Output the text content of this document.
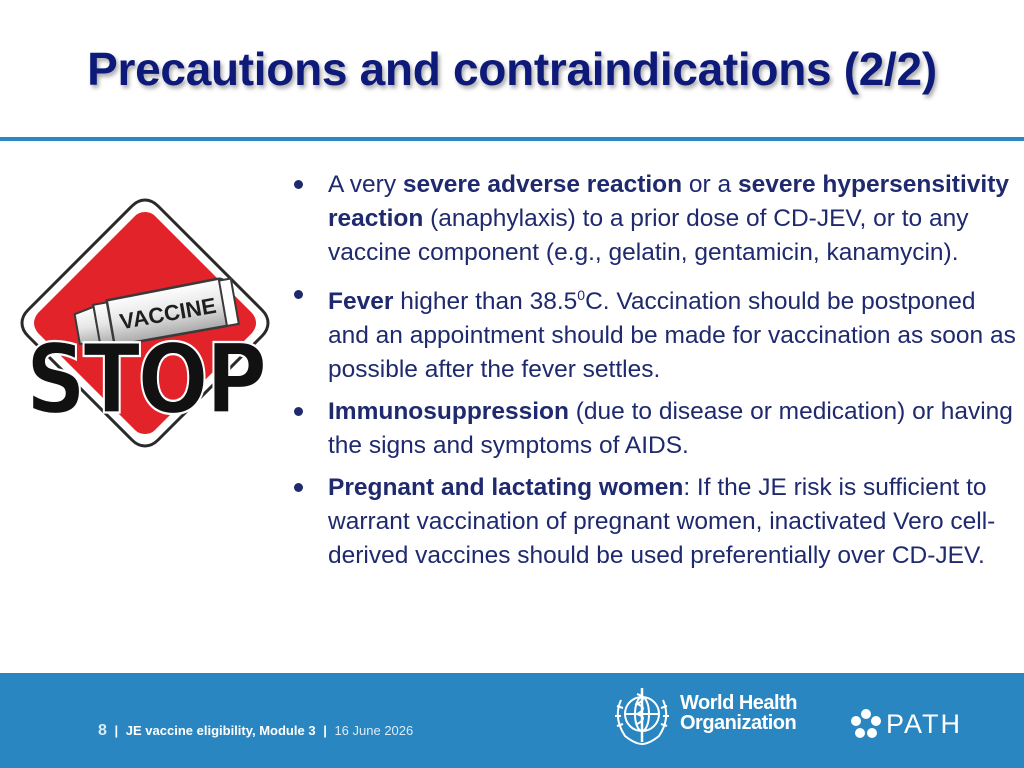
Precautions and contraindications (2/2)
VACCINE
STOP
A very severe adverse reaction or a severe hypersensitivity reaction (anaphylaxis) to a prior dose of CD-JEV, or to any vaccine component (e.g., gelatin, gentamicin, kanamycin).
Fever higher than 38.5$^0$C. Vaccination should be postponed and an appointment should be made for vaccination as soon as possible after the fever settles.
Immunosuppression (due to disease or medication) or having the signs and symptoms of AIDS.
Pregnant and lactating women: If the JE risk is sufficient to warrant vaccination of pregnant women, inactivated Vero cell-derived vaccines should be used preferentially over CD-JEV.
8 | JE vaccine eligibility, Module 3 | 16 June 2026
World Health
Organization	PATH
